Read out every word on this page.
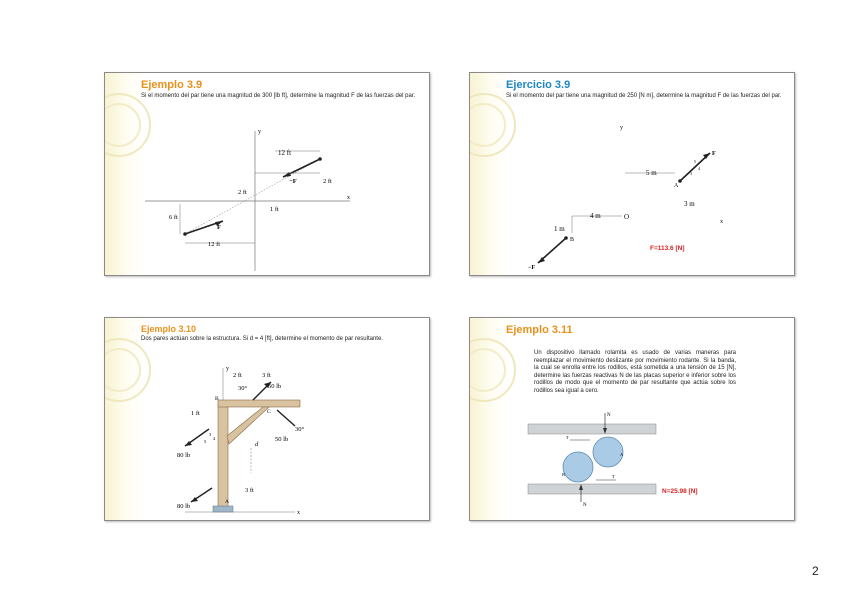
Ejemplo 3.9
Si el momento del par tiene una magnitud de 300 [lb ft], determine la magnitud F de las fuerzas del par.
y
x
12 ft
2 ft
2 ft
1 ft
6 ft
12 ft
F
−F
Ejercicio 3.9
Si el momento del par tiene una magnitud de 250 [N m], determine la magnitud F de las fuerzas del par.
y
x
5 m
3 m
4 m
1 m
O
A
B
F
−F
3
4
5
F=113.6 [N]
Ejemplo 3.10
Dos pares actúan sobre la estructura. Si d = 4 [ft], determine el momento de par resultante.
x
y
2 ft	3 ft
30°
30°
50 lb
50 lb
80 lb
80 lb
1 ft
3 ft
d
B
A
C
3
4
5
Ejemplo 3.11
Un dispositivo llamado rolamita es usado de varias maneras para reemplazar el movimiento deslizante por movimiento rodante. Si la banda, la cual se enrolla entre los rodillos, está sometida a una tensión de 15 [N], determine las fuerzas reactivas N de las placas superior e inferior sobre los rodillos de modo que el momento de par resultante que actúa sobre los rodillos sea igual a cero.
N
N
T
T
A
B
N=25.98 [N]
2
